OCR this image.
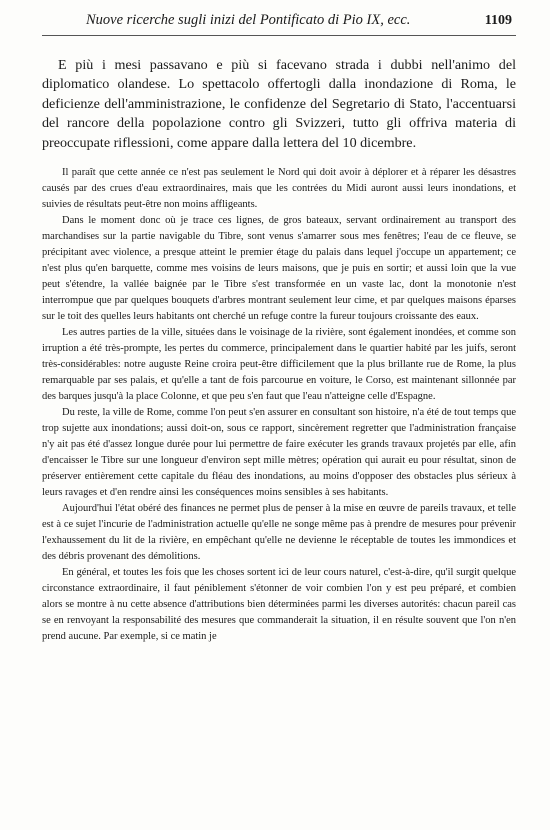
Nuove ricerche sugli inizi del Pontificato di Pio IX, ecc.	1109
E più i mesi passavano e più si facevano strada i dubbi nell'animo del diplomatico olandese. Lo spettacolo offertogli dalla inondazione di Roma, le deficienze dell'amministrazione, le confidenze del Segretario di Stato, l'accentuarsi del rancore della popolazione contro gli Svizzeri, tutto gli offriva materia di preoccupate riflessioni, come appare dalla lettera del 10 dicembre.

Il paraît que cette année ce n'est pas seulement le Nord qui doit avoir à déplorer et à réparer les désastres causés par des crues d'eau extraordinaires, mais que les contrées du Midi auront aussi leurs inondations, et suivies de résultats peut-être non moins affligeants.

Dans le moment donc où je trace ces lignes, de gros bateaux, servant ordinairement au transport des marchandises sur la partie navigable du Tibre, sont venus s'amarrer sous mes fenêtres; l'eau de ce fleuve, se précipitant avec violence, a presque atteint le premier étage du palais dans lequel j'occupe un appartement; ce n'est plus qu'en barquette, comme mes voisins de leurs maisons, que je puis en sortir; et aussi loin que la vue peut s'étendre, la vallée baignée par le Tibre s'est transformée en un vaste lac, dont la monotonie n'est interrompue que par quelques bouquets d'arbres montrant seulement leur cime, et par quelques maisons éparses sur le toit des quelles leurs habitants ont cherché un refuge contre la fureur toujours croissante des eaux.

Les autres parties de la ville, situées dans le voisinage de la rivière, sont également inondées, et comme son irruption a été très-prompte, les pertes du commerce, principalement dans le quartier habité par les juifs, seront très-considérables: notre auguste Reine croira peut-être difficilement que la plus brillante rue de Rome, la plus remarquable par ses palais, et qu'elle a tant de fois parcourue en voiture, le Corso, est maintenant sillonnée par des barques jusqu'à la place Colonne, et que peu s'en faut que l'eau n'atteigne celle d'Espagne.

Du reste, la ville de Rome, comme l'on peut s'en assurer en consultant son histoire, n'a été de tout temps que trop sujette aux inondations; aussi doit-on, sous ce rapport, sincèrement regretter que l'administration française n'y ait pas été d'assez longue durée pour lui permettre de faire exécuter les grands travaux projetés par elle, afin d'encaisser le Tibre sur une longueur d'environ sept mille mètres; opération qui aurait eu pour résultat, sinon de préserver entièrement cette capitale du fléau des inondations, au moins d'opposer des obstacles plus sérieux à leurs ravages et d'en rendre ainsi les conséquences moins sensibles à ses habitants.

Aujourd'hui l'état obéré des finances ne permet plus de penser à la mise en œuvre de pareils travaux, et telle est à ce sujet l'incurie de l'administration actuelle qu'elle ne songe même pas à prendre de mesures pour prévenir l'exhaussement du lit de la rivière, en empêchant qu'elle ne devienne le réceptable de toutes les immondices et des débris provenant des démolitions.

En général, et toutes les fois que les choses sortent ici de leur cours naturel, c'est-à-dire, qu'il surgit quelque circonstance extraordinaire, il faut péniblement s'étonner de voir combien l'on y est peu préparé, et combien alors se montre à nu cette absence d'attributions bien déterminées parmi les diverses autorités: chacun pareil cas se en renvoyant la responsabilité des mesures que commanderait la situation, il en résulte souvent que l'on n'en prend aucune. Par exemple, si ce matin je
